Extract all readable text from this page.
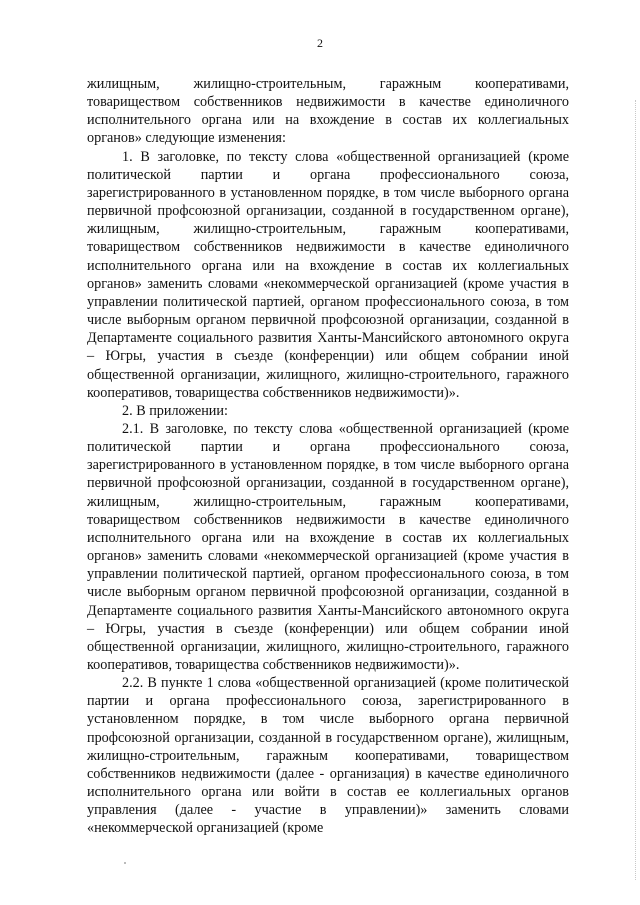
2

жилищным, жилищно-строительным, гаражным кооперативами, товариществом собственников недвижимости в качестве единоличного исполнительного органа или на вхождение в состав их коллегиальных органов» следующие изменения:

1. В заголовке, по тексту слова «общественной организацией (кроме политической партии и органа профессионального союза, зарегистрированного в установленном порядке, в том числе выборного органа первичной профсоюзной организации, созданной в государственном органе), жилищным, жилищно-строительным, гаражным кооперативами, товариществом собственников недвижимости в качестве единоличного исполнительного органа или на вхождение в состав их коллегиальных органов» заменить словами «некоммерческой организацией (кроме участия в управлении политической партией, органом профессионального союза, в том числе выборным органом первичной профсоюзной организации, созданной в Департаменте социального развития Ханты-Мансийского автономного округа – Югры, участия в съезде (конференции) или общем собрании иной общественной организации, жилищного, жилищно-строительного, гаражного кооперативов, товарищества собственников недвижимости)».

2. В приложении:

2.1. В заголовке, по тексту слова «общественной организацией (кроме политической партии и органа профессионального союза, зарегистрированного в установленном порядке, в том числе выборного органа первичной профсоюзной организации, созданной в государственном органе), жилищным, жилищно-строительным, гаражным кооперативами, товариществом собственников недвижимости в качестве единоличного исполнительного органа или на вхождение в состав их коллегиальных органов» заменить словами «некоммерческой организацией (кроме участия в управлении политической партией, органом профессионального союза, в том числе выборным органом первичной профсоюзной организации, созданной в Департаменте социального развития Ханты-Мансийского автономного округа – Югры, участия в съезде (конференции) или общем собрании иной общественной организации, жилищного, жилищно-строительного, гаражного кооперативов, товарищества собственников недвижимости)».

2.2. В пункте 1 слова «общественной организацией (кроме политической партии и органа профессионального союза, зарегистрированного в установленном порядке, в том числе выборного органа первичной профсоюзной организации, созданной в государственном органе), жилищным, жилищно-строительным, гаражным кооперативами, товариществом собственников недвижимости (далее - организация) в качестве единоличного исполнительного органа или войти в состав ее коллегиальных органов управления (далее - участие в управлении)» заменить словами «некоммерческой организацией (кроме
